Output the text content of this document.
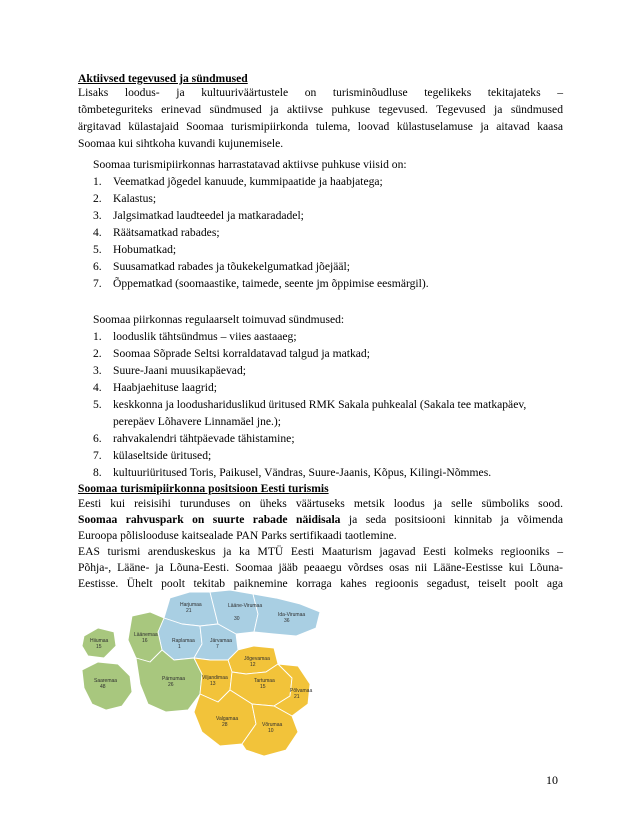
Aktiivsed tegevused ja sündmused
Lisaks loodus- ja kultuuriväärtustele on turisminõudluse tegelikeks tekitajateks –
tõmbeteguriteks erinevad sündmused ja aktiivse puhkuse tegevused. Tegevused ja sündmused
ärgitavad külastajaid Soomaa turismipiirkonda tulema, loovad külastuselamuse ja aitavad kaasa
Soomaa kui sihtkoha kuvandi kujunemisele.
Soomaa turismipiirkonnas harrastatavad aktiivse puhkuse viisid on:
1. Veematkad jõgedel kanuude, kummipaatide ja haabjatega;
2. Kalastus;
3. Jalgsimatkad laudteedel ja matkaradadel;
4. Räätsamatkad rabades;
5. Hobumatkad;
6. Suusamatkad rabades ja tõukekelgumatkad jõejääl;
7. Õppematkad (soomaastike, taimede, seente jm õppimise eesmärgil).
Soomaa piirkonnas regulaarselt toimuvad sündmused:
1. looduslik tähtsündmus – viies aastaaeg;
2. Soomaa Sõprade Seltsi korraldatavad talgud ja matkad;
3. Suure-Jaani muusikapäevad;
4. Haabjaehituse laagrid;
5. keskkonna ja loodushariduslikud üritused RMK Sakala puhkealal (Sakala tee matkapäev,
perepäev Lõhavere Linnamäel jne.);
6. rahvakalendri tähtpäevade tähistamine;
7. külaseltside üritused;
8. kultuuriüritused Toris, Paikusel, Vändras, Suure-Jaanis, Kõpus, Kilingi-Nõmmes.
Soomaa turismipiirkonna positsioon Eesti turismis
Eesti kui reisisihi turunduses on üheks väärtuseks metsik loodus ja selle sümboliks sood.
Soomaa rahvuspark on suurte rabade näidisala ja seda positsiooni kinnitab ja võimenda
Euroopa põlisloodusе kaitsealade PAN Parks sertifikaadi taotlemine.
EAS turismi arenduskeskus ja ka MTÜ Eesti Maaturism jagavad Eesti kolmeks regiooniks –
Põhja-, Lääne- ja Lõuna-Eesti. Soomaa jääb peaaegu võrdses osas nii Lääne-Eestisse kui Lõuna-
Eestisse. Ühelt poolt tekitab paiknemine korraga kahes regioonis segadust, teiselt poolt aga
Harjumaa
21
Lääne-Virumaa
30
Ida-Virumaa
36
Raplamaa
1
Järvamaa
7
Läänemaa
16
Hiiumaa
15
Saaremaa
48
Pärnumaa
26
Viljandimaa
13
Jõgevamaa
12
Tartumaa
15
Põlvamaa
21
Valgamaa
28	Võrumaa
10
10
